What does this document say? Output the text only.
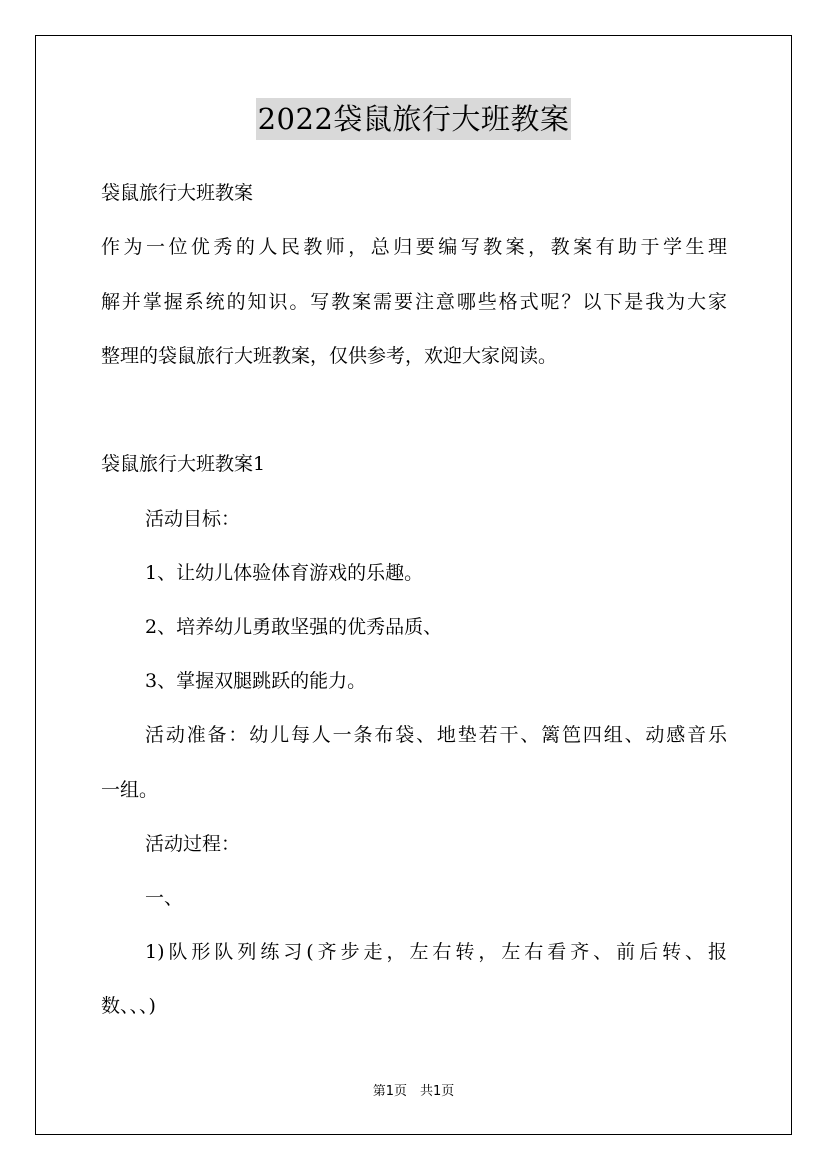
2022袋鼠旅行大班教案
袋鼠旅行大班教案
作为一位优秀的人民教师，总归要编写教案，教案有助于学生理
解并掌握系统的知识。写教案需要注意哪些格式呢？以下是我为大家
整理的袋鼠旅行大班教案，仅供参考，欢迎大家阅读。
袋鼠旅行大班教案1
活动目标：
1、让幼儿体验体育游戏的乐趣。
2、培养幼儿勇敢坚强的优秀品质、
3、掌握双腿跳跃的能力。
活动准备：幼儿每人一条布袋、地垫若干、篱笆四组、动感音乐
一组。
活动过程：
一、
1)队形队列练习(齐步走，左右转，左右看齐、前后转、报
数、、、)
第1页　共1页
